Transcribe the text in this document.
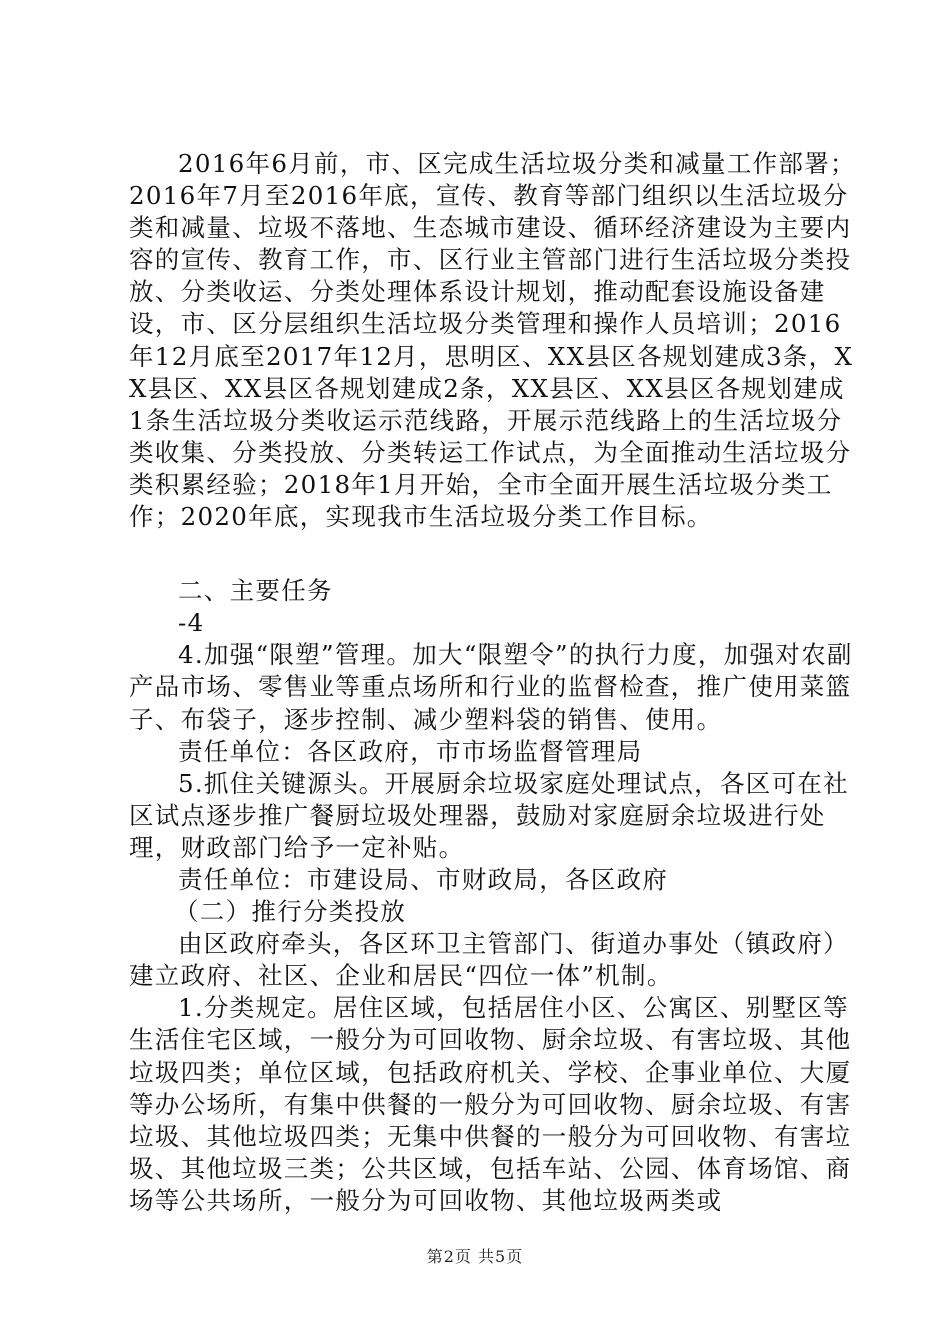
2016年6月前，市、区完成生活垃圾分类和减量工作部署；2016年7月至2016年底，宣传、教育等部门组织以生活垃圾分类和减量、垃圾不落地、生态城市建设、循环经济建设为主要内容的宣传、教育工作，市、区行业主管部门进行生活垃圾分类投放、分类收运、分类处理体系设计规划，推动配套设施设备建设，市、区分层组织生活垃圾分类管理和操作人员培训；2016年12月底至2017年12月，思明区、XX县区各规划建成3条，XX县区、XX县区各规划建成2条，XX县区、XX县区各规划建成1条生活垃圾分类收运示范线路，开展示范线路上的生活垃圾分类收集、分类投放、分类转运工作试点，为全面推动生活垃圾分类积累经验；2018年1月开始，全市全面开展生活垃圾分类工作；2020年底，实现我市生活垃圾分类工作目标。

二、主要任务

-4

4.加强“限塑”管理。加大“限塑令”的执行力度，加强对农副产品市场、零售业等重点场所和行业的监督检查，推广使用菜篮子、布袋子，逐步控制、减少塑料袋的销售、使用。

责任单位：各区政府，市市场监督管理局

5.抓住关键源头。开展厨余垃圾家庭处理试点，各区可在社区试点逐步推广餐厨垃圾处理器，鼓励对家庭厨余垃圾进行处理，财政部门给予一定补贴。

责任单位：市建设局、市财政局，各区政府

（二）推行分类投放

由区政府牵头，各区环卫主管部门、街道办事处（镇政府）建立政府、社区、企业和居民“四位一体”机制。

1.分类规定。居住区域，包括居住小区、公寓区、别墅区等生活住宅区域，一般分为可回收物、厨余垃圾、有害垃圾、其他垃圾四类；单位区域，包括政府机关、学校、企事业单位、大厦等办公场所，有集中供餐的一般分为可回收物、厨余垃圾、有害垃圾、其他垃圾四类；无集中供餐的一般分为可回收物、有害垃圾、其他垃圾三类；公共区域，包括车站、公园、体育场馆、商场等公共场所，一般分为可回收物、其他垃圾两类或

第2页 共5页
